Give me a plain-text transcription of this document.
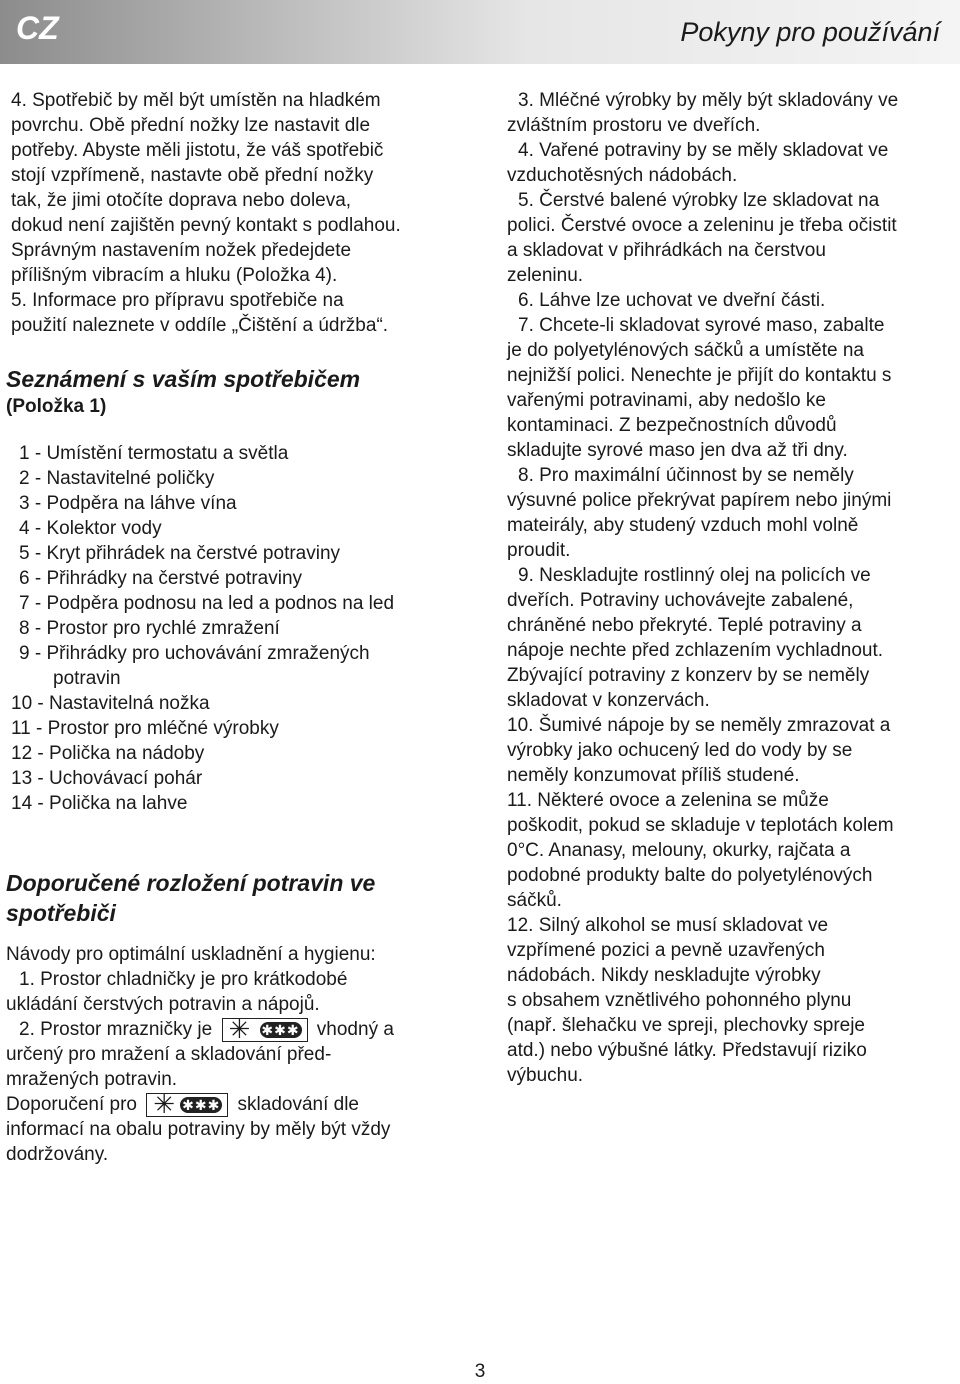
CZ	Pokyny pro používání

4. Spotřebič by měl být umístěn na hladkém

povrchu. Obě přední nožky lze nastavit dle

potřeby. Abyste měli jistotu, že váš spotřebič

stojí vzpřímeně, nastavte obě přední nožky

tak, že jimi otočíte doprava nebo doleva,

dokud není zajištěn pevný kontakt s podlahou.

Správným nastavením nožek předejdete

přílišným vibracím a hluku (Položka 4).

5. Informace pro přípravu spotřebiče na

použití naleznete v oddíle „Čištění a údržba“.

Seznámení s vaším spotřebičem

(Položka 1)

1 - Umístění termostatu a světla

2 - Nastavitelné poličky

3 - Podpěra na láhve vína

4 - Kolektor vody

5 - Kryt přihrádek na čerstvé potraviny

6 - Přihrádky na čerstvé potraviny

7 - Podpěra podnosu na led a podnos na led

8 - Prostor pro rychlé zmražení

9 - Přihrádky pro uchovávání zmražených

potravin

10 - Nastavitelná nožka

11 - Prostor pro mléčné výrobky

12 - Polička na nádoby

13 - Uchovávací pohár

14 - Polička na lahve

Doporučené rozložení potravin ve

spotřebiči

Návody pro optimální uskladnění a hygienu:

1. Prostor chladničky je pro krátkodobé

ukládání čerstvých potravin a nápojů.

2. Prostor mrazničky je ✳ ✱✱✱ vhodný a

určený pro mražení a skladování před-

mražených potravin.

Doporučení pro ✳ ✱✱✱ skladování dle

informací na obalu potraviny by měly být vždy

dodržovány.

3. Mléčné výrobky by měly být skladovány ve

zvláštním prostoru ve dveřích.

4. Vařené potraviny by se měly skladovat ve

vzduchotěsných nádobách.

5. Čerstvé balené výrobky lze skladovat na

polici. Čerstvé ovoce a zeleninu je třeba očistit

a skladovat v přihrádkách na čerstvou

zeleninu.

6. Láhve lze uchovat ve dveřní části.

7. Chcete-li skladovat syrové maso, zabalte

je do polyetylénových sáčků a umístěte na

nejnižší polici. Nenechte je přijít do kontaktu s

vařenými potravinami, aby nedošlo ke

kontaminaci. Z bezpečnostních důvodů

skladujte syrové maso jen dva až tři dny.

8. Pro maximální účinnost by se neměly

výsuvné police překrývat papírem nebo jinými

mateirály, aby studený vzduch mohl volně

proudit.

9. Neskladujte rostlinný olej na policích ve

dveřích. Potraviny uchovávejte zabalené,

chráněné nebo překryté. Teplé potraviny a

nápoje nechte před zchlazením vychladnout.

Zbývající potraviny z konzerv by se neměly

skladovat v konzervách.

10. Šumivé nápoje by se neměly zmrazovat a

výrobky jako ochucený led do vody by se

neměly konzumovat příliš studené.

11. Některé ovoce a zelenina se může

poškodit, pokud se skladuje v teplotách kolem

0°C. Ananasy, melouny, okurky, rajčata a

podobné produkty balte do polyetylénových

sáčků.

12. Silný alkohol se musí skladovat ve

vzpřímené pozici a pevně uzavřených

nádobách. Nikdy neskladujte výrobky

s obsahem vznětlivého pohonného plynu

(např. šlehačku ve spreji, plechovky spreje

atd.) nebo výbušné látky. Představují riziko

výbuchu.

3
